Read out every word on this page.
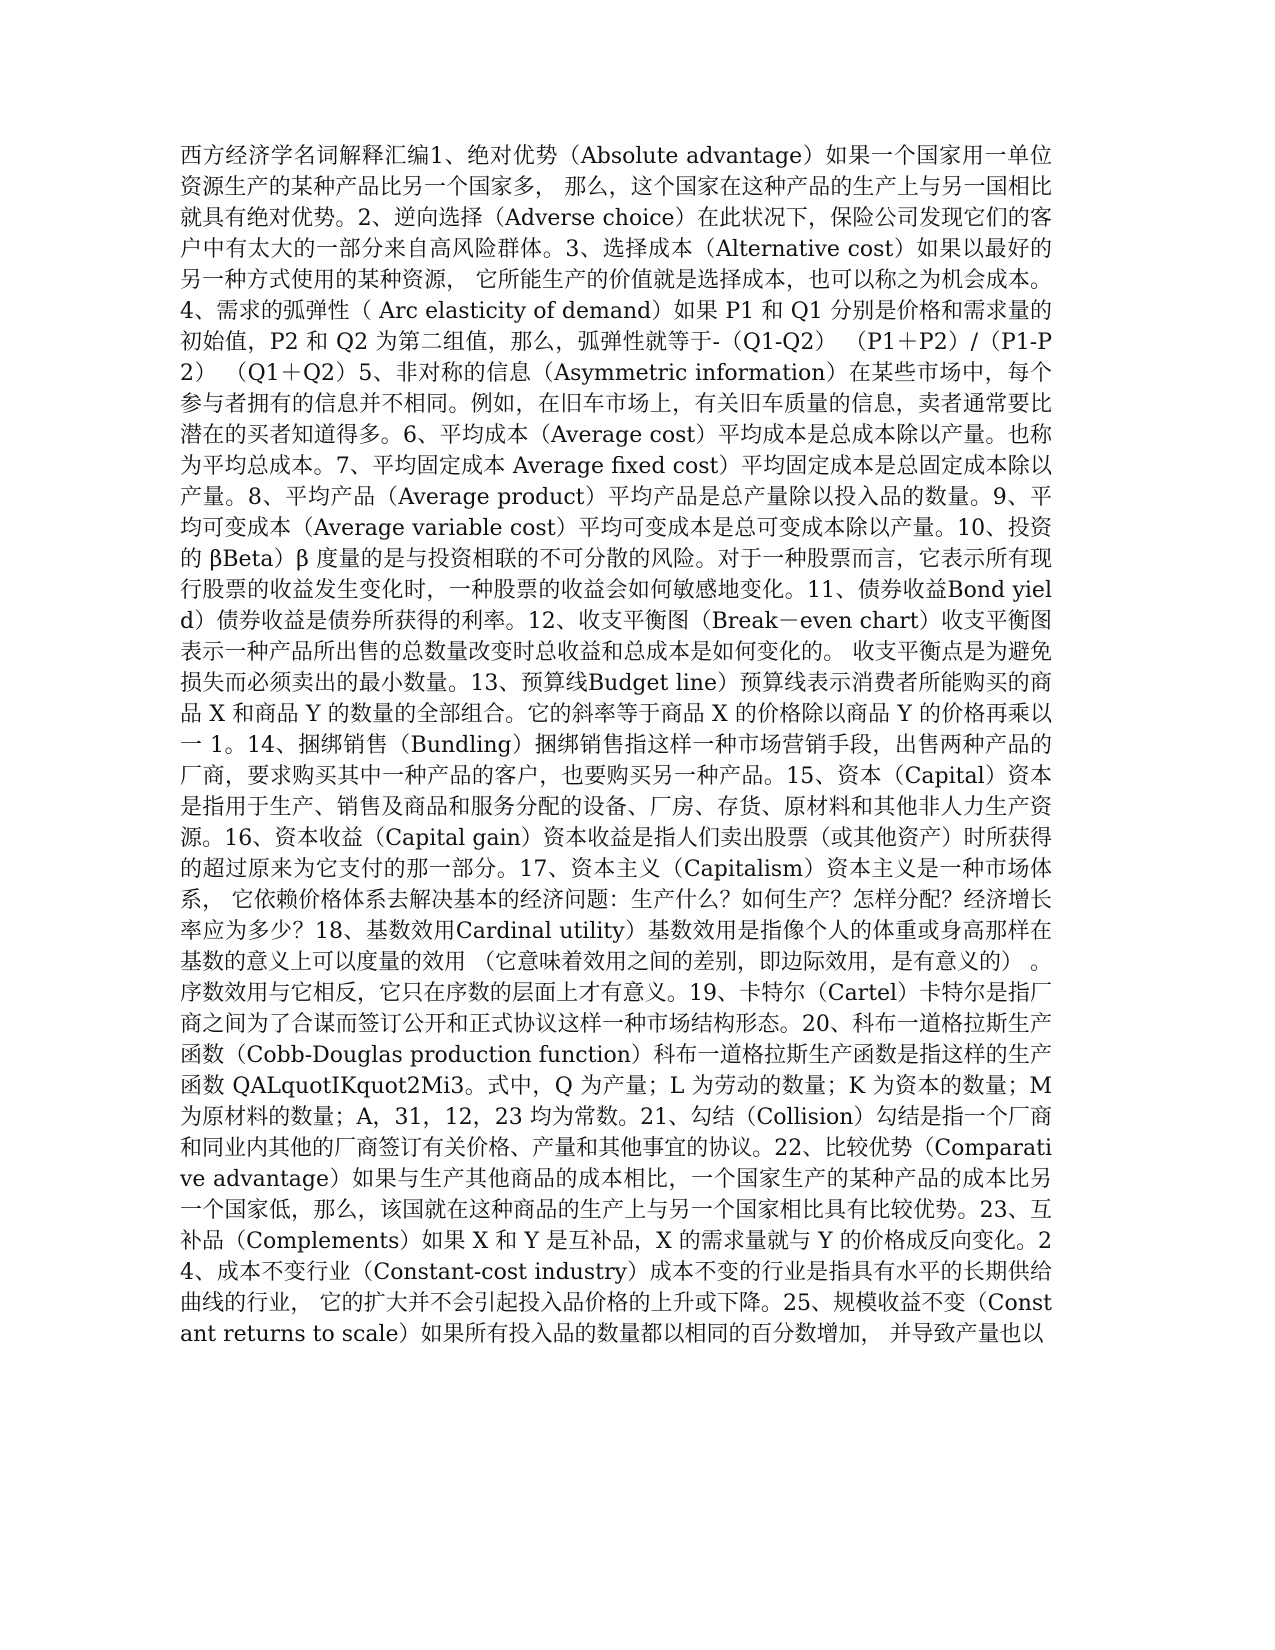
西方经济学名词解释汇编1、绝对优势（Absolute advantage）如果一个国家用一单位资源生产的某种产品比另一个国家多， 那么，这个国家在这种产品的生产上与另一国相比就具有绝对优势。2、逆向选择（Adverse choice）在此状况下，保险公司发现它们的客户中有太大的一部分来自高风险群体。3、选择成本（Alternative cost）如果以最好的另一种方式使用的某种资源， 它所能生产的价值就是选择成本，也可以称之为机会成本。4、需求的弧弹性（ Arc elasticity of demand）如果 P1 和 Q1 分别是价格和需求量的初始值，P2 和 Q2 为第二组值，那么，弧弹性就等于-（Q1-Q2） （P1＋P2）/（P1-P2） （Q1＋Q2）5、非对称的信息（Asymmetric information）在某些市场中，每个参与者拥有的信息并不相同。例如，在旧车市场上，有关旧车质量的信息，卖者通常要比潜在的买者知道得多。6、平均成本（Average cost）平均成本是总成本除以产量。也称为平均总成本。7、平均固定成本 Average fixed cost）平均固定成本是总固定成本除以产量。8、平均产品（Average product）平均产品是总产量除以投入品的数量。9、平均可变成本（Average variable cost）平均可变成本是总可变成本除以产量。10、投资的 βBeta）β 度量的是与投资相联的不可分散的风险。对于一种股票而言，它表示所有现行股票的收益发生变化时，一种股票的收益会如何敏感地变化。11、债券收益Bond yield）债券收益是债券所获得的利率。12、收支平衡图（Break－even chart）收支平衡图表示一种产品所出售的总数量改变时总收益和总成本是如何变化的。 收支平衡点是为避免损失而必须卖出的最小数量。13、预算线Budget line）预算线表示消费者所能购买的商品 X 和商品 Y 的数量的全部组合。它的斜率等于商品 X 的价格除以商品 Y 的价格再乘以一 1。14、捆绑销售（Bundling）捆绑销售指这样一种市场营销手段，出售两种产品的厂商，要求购买其中一种产品的客户，也要购买另一种产品。15、资本（Capital）资本是指用于生产、销售及商品和服务分配的设备、厂房、存货、原材料和其他非人力生产资源。16、资本收益（Capital gain）资本收益是指人们卖出股票（或其他资产）时所获得的超过原来为它支付的那一部分。17、资本主义（Capitalism）资本主义是一种市场体系， 它依赖价格体系去解决基本的经济问题：生产什么？如何生产？怎样分配？经济增长率应为多少？18、基数效用Cardinal utility）基数效用是指像个人的体重或身高那样在基数的意义上可以度量的效用 （它意味着效用之间的差别，即边际效用，是有意义的） 。序数效用与它相反，它只在序数的层面上才有意义。19、卡特尔（Cartel）卡特尔是指厂商之间为了合谋而签订公开和正式协议这样一种市场结构形态。20、科布一道格拉斯生产函数（Cobb-Douglas production function）科布一道格拉斯生产函数是指这样的生产函数 QALquotIKquot2Mi3。式中，Q 为产量；L 为劳动的数量；K 为资本的数量；M 为原材料的数量；A，31，12，23 均为常数。21、勾结（Collision）勾结是指一个厂商和同业内其他的厂商签订有关价格、产量和其他事宜的协议。22、比较优势（Comparative advantage）如果与生产其他商品的成本相比，一个国家生产的某种产品的成本比另一个国家低，那么，该国就在这种商品的生产上与另一个国家相比具有比较优势。23、互补品（Complements）如果 X 和 Y 是互补品，X 的需求量就与 Y 的价格成反向变化。24、成本不变行业（Constant-cost industry）成本不变的行业是指具有水平的长期供给曲线的行业， 它的扩大并不会引起投入品价格的上升或下降。25、规模收益不变（Constant returns to scale）如果所有投入品的数量都以相同的百分数增加， 并导致产量也以
